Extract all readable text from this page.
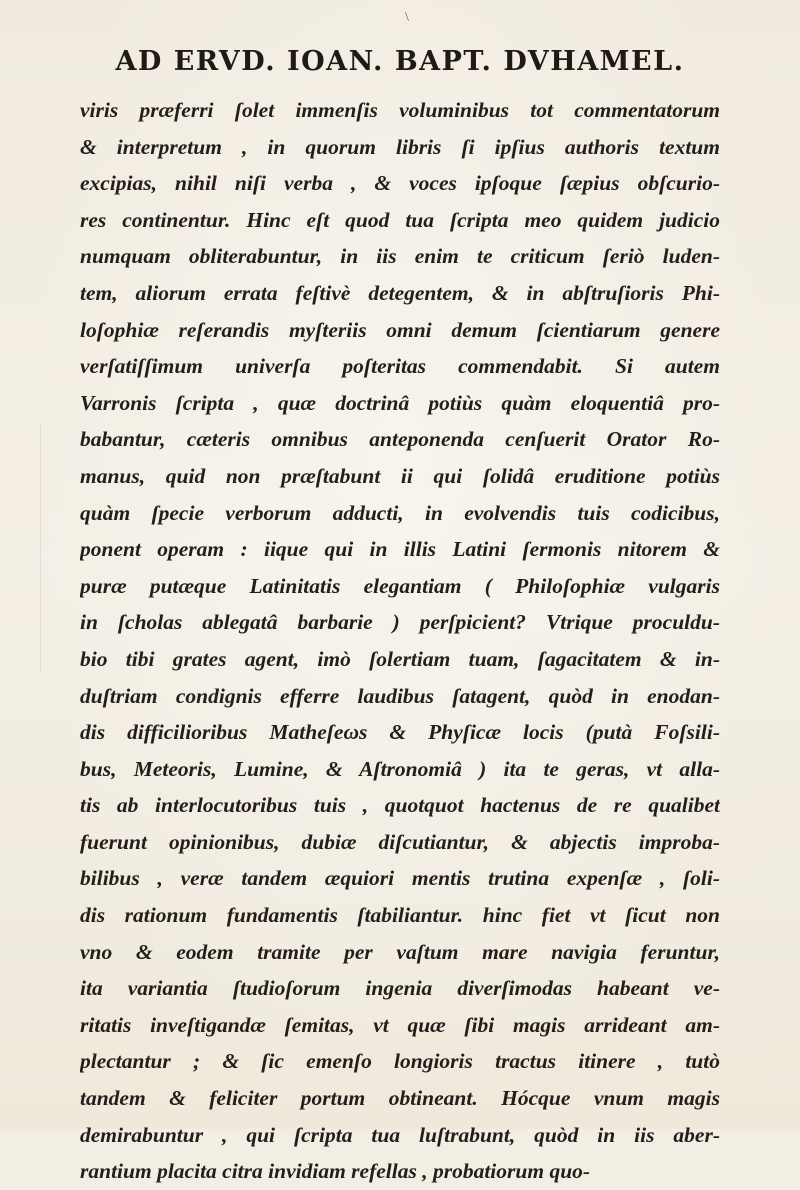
\
AD ERVD. IOAN. BAPT. DVHAMEL.
viris præferri ſolet immenſis voluminibus tot commentatorum
& interpretum , in quorum libris ſi ipſius authoris textum
excipias, nihil niſi verba , & voces ipſoque ſæpius obſcurio-
res continentur. Hinc eſt quod tua ſcripta meo quidem judicio
numquam obliterabuntur, in iis enim te criticum ſeriò luden-
tem, aliorum errata feſtivè detegentem, & in abſtruſioris Phi-
loſophiæ reſerandis myſteriis omni demum ſcientiarum genere
verſatiſſimum univerſa poſteritas commendabit. Si autem
Varronis ſcripta , quæ doctrinâ potiùs quàm eloquentiâ pro-
babantur, cæteris omnibus anteponenda cenſuerit Orator Ro-
manus, quid non præſtabunt ii qui ſolidâ eruditione potiùs
quàm ſpecie verborum adducti, in evolvendis tuis codicibus,
ponent operam : iique qui in illis Latini ſermonis nitorem &
puræ putæque Latinitatis elegantiam ( Philoſophiæ vulgaris
in ſcholas ablegatâ barbarie ) perſpicient? Vtrique proculdu-
bio tibi grates agent, imò ſolertiam tuam, ſagacitatem & in-
duſtriam condignis efferre laudibus ſatagent, quòd in enodan-
dis difficilioribus Matheſeωs & Phyſicæ locis (putà Foſsili-
bus, Meteoris, Lumine, & Aſtronomiâ ) ita te geras, vt alla-
tis ab interlocutoribus tuis , quotquot hactenus de re qualibet
fuerunt opinionibus, dubiæ diſcutiantur, & abjectis improba-
bilibus , veræ tandem æquiori mentis trutina expenſæ , ſoli-
dis rationum fundamentis ſtabiliantur. hinc fiet vt ſicut non
vno & eodem tramite per vaſtum mare navigia feruntur,
ita variantia ſtudioſorum ingenia diverſimodas habeant ve-
ritatis inveſtigandæ ſemitas, vt quæ ſibi magis arrideant am-
plectantur ; & ſic emenſo longioris tractus itinere , tutò
tandem & feliciter portum obtineant. Hócque vnum magis
demirabuntur , qui ſcripta tua luſtrabunt, quòd in iis aber-
rantium placita citra invidiam refellas , probatiorum quo-
